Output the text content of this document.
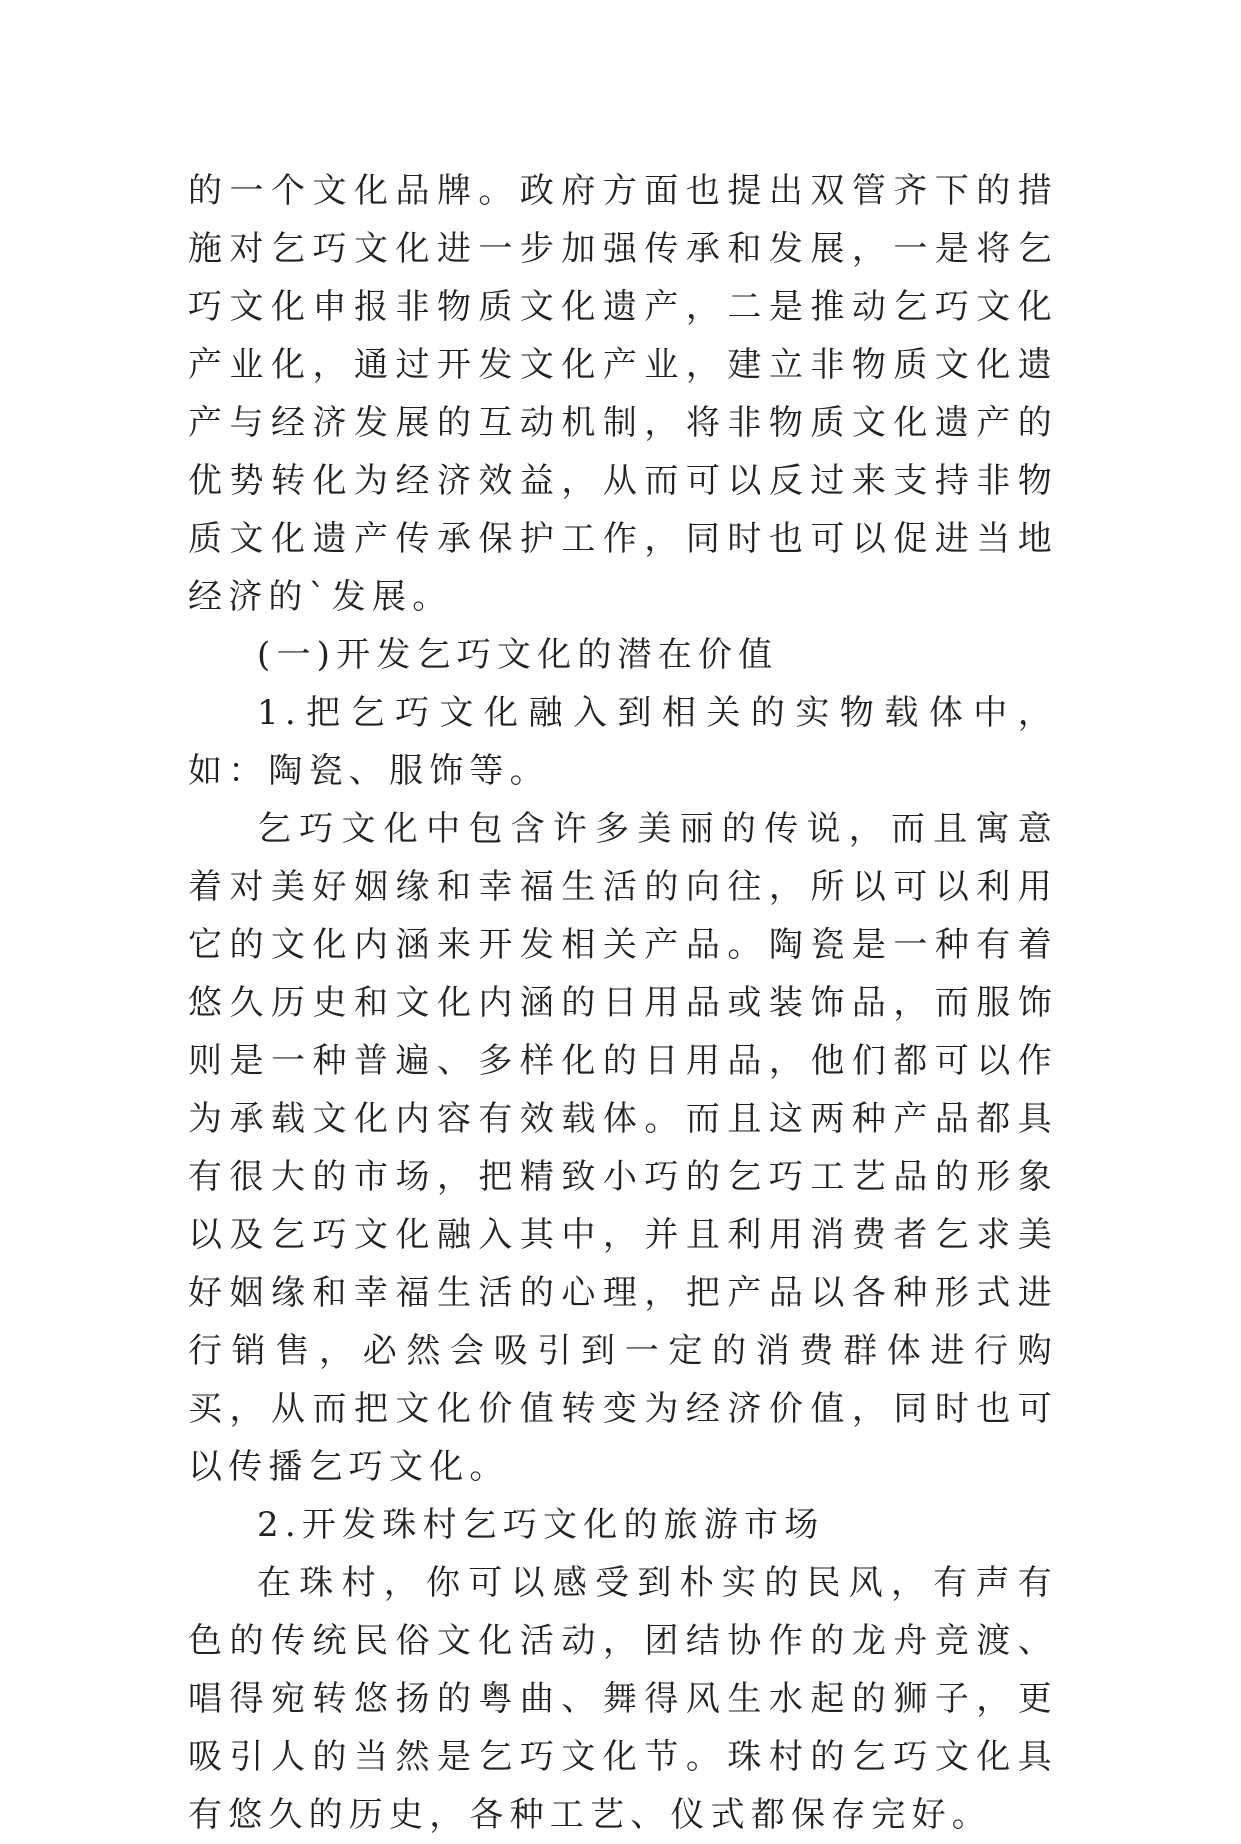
的一个文化品牌。政府方面也提出双管齐下的措施对乞巧文化进一步加强传承和发展，一是将乞巧文化申报非物质文化遗产，二是推动乞巧文化产业化，通过开发文化产业，建立非物质文化遗产与经济发展的互动机制，将非物质文化遗产的优势转化为经济效益，从而可以反过来支持非物质文化遗产传承保护工作，同时也可以促进当地经济的`发展。

(一)开发乞巧文化的潜在价值

1.把乞巧文化融入到相关的实物载体中，如：陶瓷、服饰等。

乞巧文化中包含许多美丽的传说，而且寓意着对美好姻缘和幸福生活的向往，所以可以利用它的文化内涵来开发相关产品。陶瓷是一种有着悠久历史和文化内涵的日用品或装饰品，而服饰则是一种普遍、多样化的日用品，他们都可以作为承载文化内容有效载体。而且这两种产品都具有很大的市场，把精致小巧的乞巧工艺品的形象以及乞巧文化融入其中，并且利用消费者乞求美好姻缘和幸福生活的心理，把产品以各种形式进行销售，必然会吸引到一定的消费群体进行购买，从而把文化价值转变为经济价值，同时也可以传播乞巧文化。

2.开发珠村乞巧文化的旅游市场

在珠村，你可以感受到朴实的民风，有声有色的传统民俗文化活动，团结协作的龙舟竞渡、唱得宛转悠扬的粤曲、舞得风生水起的狮子，更吸引人的当然是乞巧文化节。珠村的乞巧文化具有悠久的历史，各种工艺、仪式都保存完好。
